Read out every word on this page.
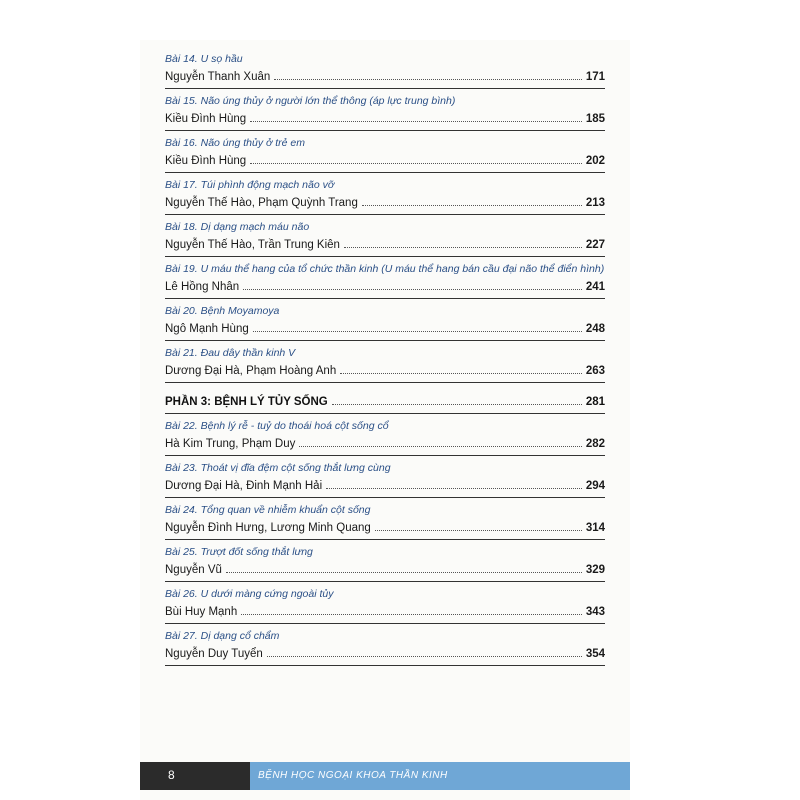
Bài 14. U sọ hầu
Nguyễn Thanh Xuân	171
Bài 15. Não úng thủy ở người lớn thể thông (áp lực trung bình)
Kiều Đình Hùng	185
Bài 16. Não úng thủy ở trẻ em
Kiều Đình Hùng	202
Bài 17. Túi phình động mạch não vỡ
Nguyễn Thế Hào, Phạm Quỳnh Trang	213
Bài 18. Dị dạng mạch máu não
Nguyễn Thế Hào, Trần Trung Kiên	227
Bài 19. U máu thể hang của tổ chức thần kinh (U máu thể hang bán cầu đại não thể điển hình)
Lê Hồng Nhân	241
Bài 20. Bệnh Moyamoya
Ngô Mạnh Hùng	248
Bài 21. Đau dây thần kinh V
Dương Đại Hà, Phạm Hoàng Anh	263
PHẦN 3: BỆNH LÝ TỦY SỐNG	281
Bài 22. Bệnh lý rễ - tuỷ do thoái hoá cột sống cổ
Hà Kim Trung, Phạm Duy	282
Bài 23. Thoát vị đĩa đệm cột sống thắt lưng cùng
Dương Đại Hà, Đinh Mạnh Hải	294
Bài 24. Tổng quan về nhiễm khuẩn cột sống
Nguyễn Đình Hưng, Lương Minh Quang	314
Bài 25. Trượt đốt sống thắt lưng
Nguyễn Vũ	329
Bài 26. U dưới màng cứng ngoài tủy
Bùi Huy Mạnh	343
Bài 27. Dị dạng cổ chẩm
Nguyễn Duy Tuyển	354
8	BỆNH HỌC NGOẠI KHOA THẦN KINH
